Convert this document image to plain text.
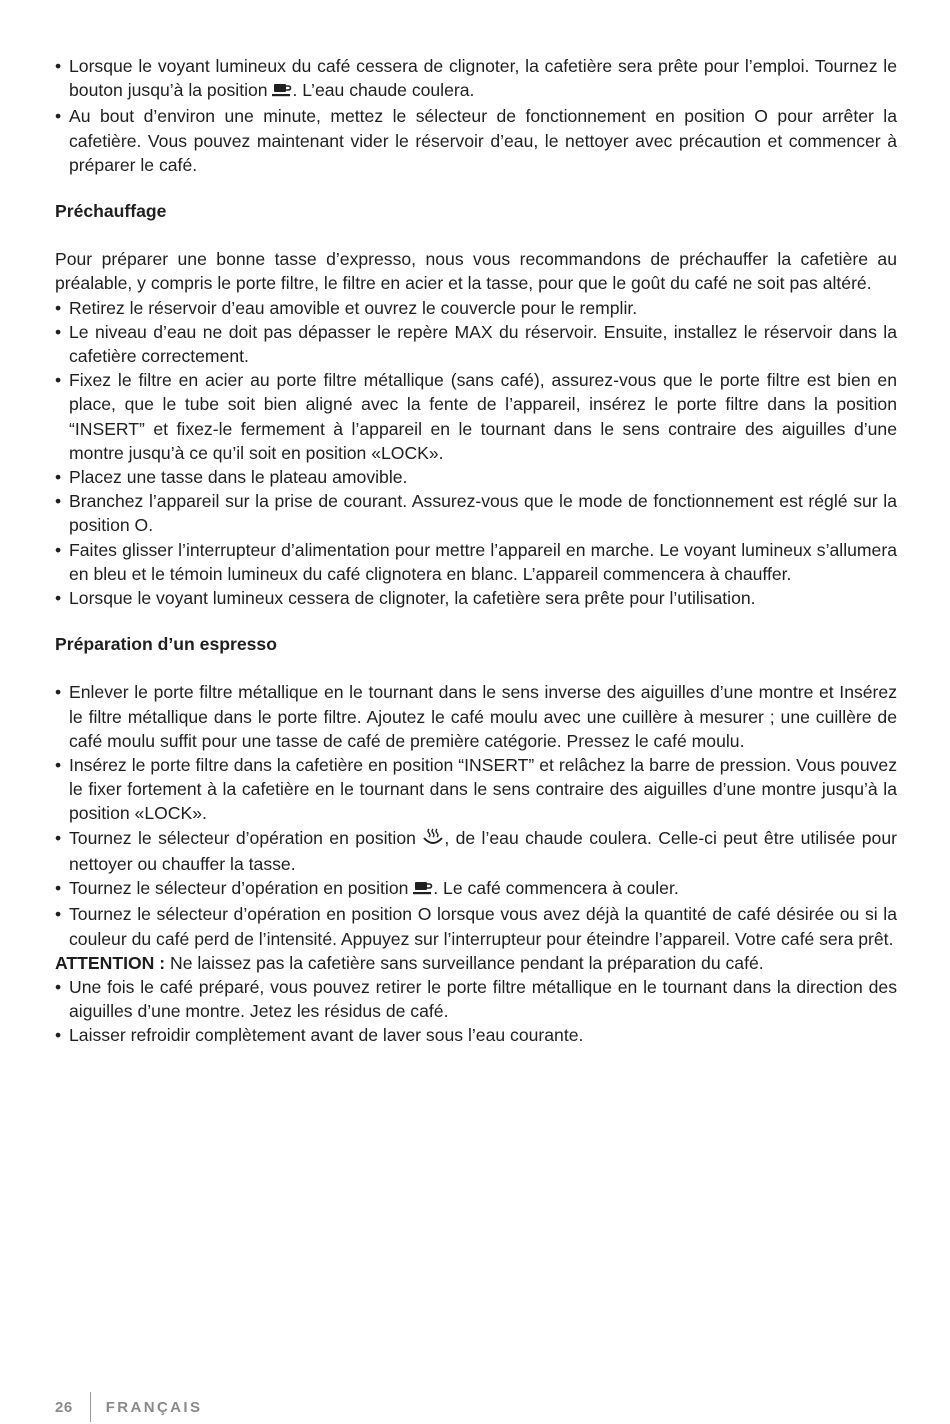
• Lorsque le voyant lumineux du café cessera de clignoter, la cafetière sera prête pour l’emploi. Tournez le bouton jusqu’à la position . L’eau chaude coulera.
• Au bout d’environ une minute, mettez le sélecteur de fonctionnement en position O pour arrêter la cafetière. Vous pouvez maintenant vider le réservoir d’eau, le nettoyer avec précaution et commencer à préparer le café.

Préchauffage

Pour préparer une bonne tasse d’expresso, nous vous recommandons de préchauffer la cafetière au préalable, y compris le porte filtre, le filtre en acier et la tasse, pour que le goût du café ne soit pas altéré.

• Retirez le réservoir d’eau amovible et ouvrez le couvercle pour le remplir.
• Le niveau d’eau ne doit pas dépasser le repère MAX du réservoir. Ensuite, installez le réservoir dans la cafetière correctement.
• Fixez le filtre en acier au porte filtre métallique (sans café), assurez-vous que le porte filtre est bien en place, que le tube soit bien aligné avec la fente de l’appareil, insérez le porte filtre dans la position “INSERT” et fixez-le fermement à l’appareil en le tournant dans le sens contraire des aiguilles d’une montre jusqu’à ce qu’il soit en position «LOCK».
• Placez une tasse dans le plateau amovible.
• Branchez l’appareil sur la prise de courant. Assurez-vous que le mode de fonctionnement est réglé sur la position O.
• Faites glisser l’interrupteur d’alimentation pour mettre l’appareil en marche. Le voyant lumineux s’allumera en bleu et le témoin lumineux du café clignotera en blanc. L’appareil commencera à chauffer.
• Lorsque le voyant lumineux cessera de clignoter, la cafetière sera prête pour l’utilisation.

Préparation d’un espresso

• Enlever le porte filtre métallique en le tournant dans le sens inverse des aiguilles d’une montre et Insérez le filtre métallique dans le porte filtre. Ajoutez le café moulu avec une cuillère à mesurer ; une cuillère de café moulu suffit pour une tasse de café de première catégorie. Pressez le café moulu.
• Insérez le porte filtre dans la cafetière en position “INSERT” et relâchez la barre de pression. Vous pouvez le fixer fortement à la cafetière en le tournant dans le sens contraire des aiguilles d’une montre jusqu’à la position «LOCK».
• Tournez le sélecteur d’opération en position , de l’eau chaude coulera. Celle-ci peut être utilisée pour nettoyer ou chauffer la tasse.
• Tournez le sélecteur d’opération en position . Le café commencera à couler.
• Tournez le sélecteur d’opération en position O lorsque vous avez déjà la quantité de café désirée ou si la couleur du café perd de l’intensité. Appuyez sur l’interrupteur pour éteindre l’appareil. Votre café sera prêt.

ATTENTION : Ne laissez pas la cafetière sans surveillance pendant la préparation du café.

• Une fois le café préparé, vous pouvez retirer le porte filtre métallique en le tournant dans la direction des aiguilles d’une montre. Jetez les résidus de café.
• Laisser refroidir complètement avant de laver sous l’eau courante.
26 FRANÇAIS
